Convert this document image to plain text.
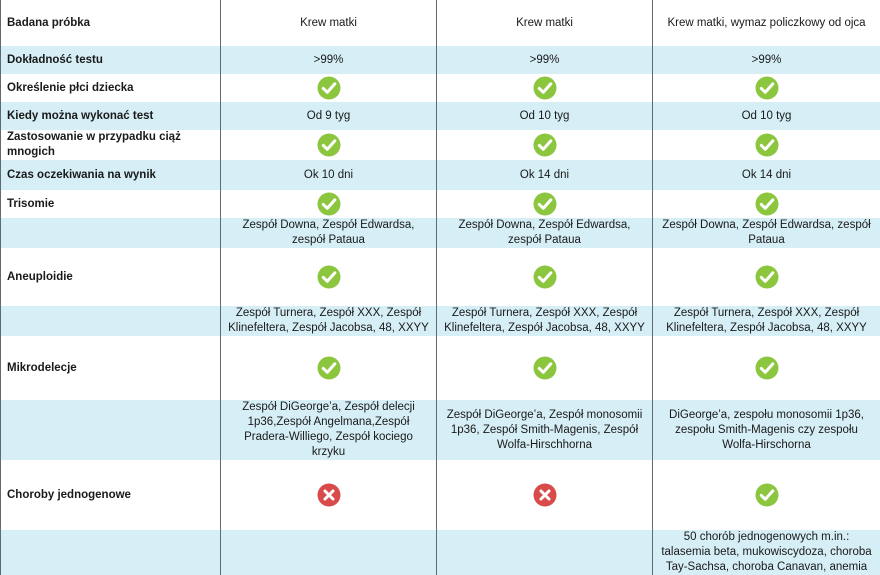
Badana próbka	Krew matki	Krew matki	Krew matki, wymaz policzkowy od ojca
Dokładność testu	>99%	>99%	>99%

Określenie płci dziecka			
Kiedy można wykonać test	Od 9 tyg	Od 10 tyg	Od 10 tyg

Zastosowanie w przypadku ciąż mnogich			
Czas oczekiwania na wynik	Ok 10 dni	Ok 14 dni	Ok 14 dni

Trisomie			

	Zespół Downa, Zespół Edwardsa, zespół Pataua	Zespół Downa, Zespół Edwardsa, zespół Pataua	Zespół Downa, Zespół Edwardsa, zespół Pataua

Aneuploidie			

	Zespół Turnera, Zespół XXX, Zespół Klinefeltera, Zespół Jacobsa, 48, XXYY	Zespół Turnera, Zespół XXX, Zespół Klinefeltera, Zespół Jacobsa, 48, XXYY	Zespół Turnera, Zespół XXX, Zespół Klinefeltera, Zespół Jacobsa, 48, XXYY

Mikrodelecje			

	Zespół DiGeorge’a, Zespół delecji 1p36,Zespół Angelmana,Zespół Pradera-Williego, Zespół kociego krzyku	Zespół DiGeorge’a, Zespół monosomii 1p36, Zespół Smith-Magenis, Zespół Wolfa-Hirschhorna	DiGeorge’a, zespołu monosomii 1p36, zespołu Smith-Magenis czy zespołu Wolfa-Hirschorna

Choroby jednogenowe			

			50 chorób jednogenowych m.in.: talasemia beta, mukowiscydoza, choroba Tay-Sachsa, choroba Canavan, anemia
